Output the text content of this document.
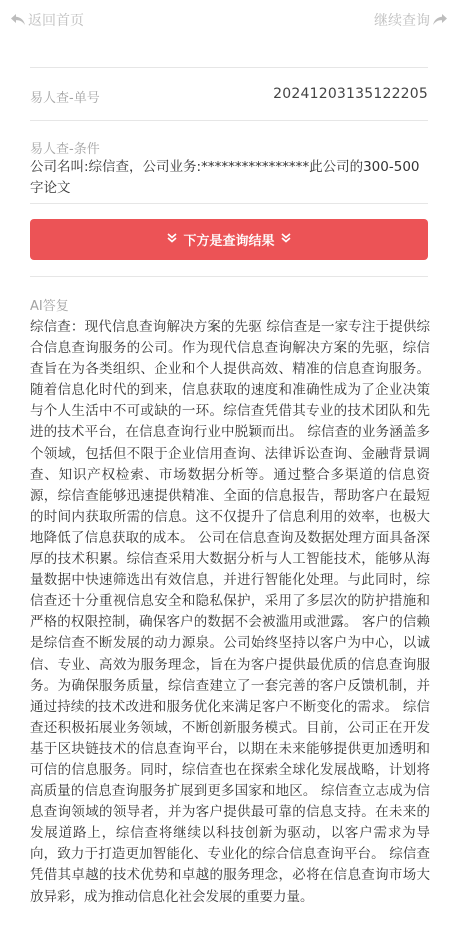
返回首页	继续查询
易人查-单号	20241203135122205
易人查-条件
公司名叫:综信查，公司业务:****************此公司的300-500字论文
下方是查询结果
AI答复
综信查：现代信息查询解决方案的先驱 综信查是一家专注于提供综合信息查询服务的公司。作为现代信息查询解决方案的先驱，综信查旨在为各类组织、企业和个人提供高效、精准的信息查询服务。随着信息化时代的到来，信息获取的速度和准确性成为了企业决策与个人生活中不可或缺的一环。综信查凭借其专业的技术团队和先进的技术平台，在信息查询行业中脱颖而出。 综信查的业务涵盖多个领域，包括但不限于企业信用查询、法律诉讼查询、金融背景调查、知识产权检索、市场数据分析等。通过整合多渠道的信息资源，综信查能够迅速提供精准、全面的信息报告，帮助客户在最短的时间内获取所需的信息。这不仅提升了信息利用的效率，也极大地降低了信息获取的成本。 公司在信息查询及数据处理方面具备深厚的技术积累。综信查采用大数据分析与人工智能技术，能够从海量数据中快速筛选出有效信息，并进行智能化处理。与此同时，综信查还十分重视信息安全和隐私保护，采用了多层次的防护措施和严格的权限控制，确保客户的数据不会被滥用或泄露。 客户的信赖是综信查不断发展的动力源泉。公司始终坚持以客户为中心，以诚信、专业、高效为服务理念，旨在为客户提供最优质的信息查询服务。为确保服务质量，综信查建立了一套完善的客户反馈机制，并通过持续的技术改进和服务优化来满足客户不断变化的需求。 综信查还积极拓展业务领域，不断创新服务模式。目前，公司正在开发基于区块链技术的信息查询平台，以期在未来能够提供更加透明和可信的信息服务。同时，综信查也在探索全球化发展战略，计划将高质量的信息查询服务扩展到更多国家和地区。 综信查立志成为信息查询领域的领导者，并为客户提供最可靠的信息支持。在未来的发展道路上，综信查将继续以科技创新为驱动，以客户需求为导向，致力于打造更加智能化、专业化的综合信息查询平台。 综信查凭借其卓越的技术优势和卓越的服务理念，必将在信息查询市场大放异彩，成为推动信息化社会发展的重要力量。
